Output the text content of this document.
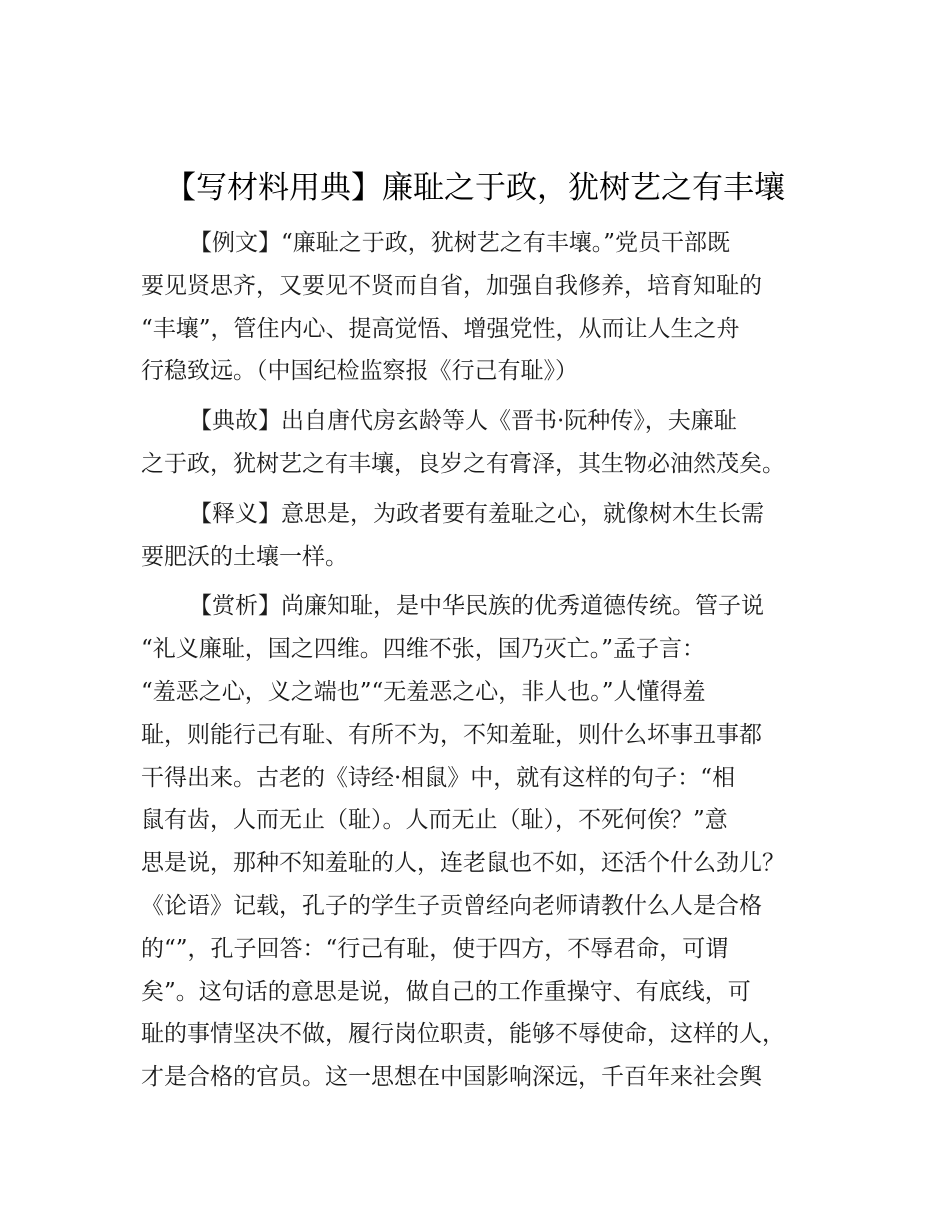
【写材料用典】廉耻之于政，犹树艺之有丰壤
【例文】“廉耻之于政，犹树艺之有丰壤。”党员干部既
要见贤思齐，又要见不贤而自省，加强自我修养，培育知耻的
“丰壤”，管住内心、提高觉悟、增强党性，从而让人生之舟
行稳致远。（中国纪检监察报《行己有耻》）
【典故】出自唐代房玄龄等人《晋书·阮种传》，夫廉耻
之于政，犹树艺之有丰壤，良岁之有膏泽，其生物必油然茂矣。
【释义】意思是，为政者要有羞耻之心，就像树木生长需
要肥沃的土壤一样。
【赏析】尚廉知耻，是中华民族的优秀道德传统。管子说
“礼义廉耻，国之四维。四维不张，国乃灭亡。”孟子言：
“羞恶之心，义之端也”“无羞恶之心，非人也。”人懂得羞
耻，则能行己有耻、有所不为，不知羞耻，则什么坏事丑事都
干得出来。古老的《诗经·相鼠》中，就有这样的句子：“相
鼠有齿，人而无止（耻）。人而无止（耻），不死何俟？”意
思是说，那种不知羞耻的人，连老鼠也不如，还活个什么劲儿？
《论语》记载，孔子的学生子贡曾经向老师请教什么人是合格
的“”，孔子回答：“行己有耻，使于四方，不辱君命，可谓
矣”。这句话的意思是说，做自己的工作重操守、有底线，可
耻的事情坚决不做，履行岗位职责，能够不辱使命，这样的人，
才是合格的官员。这一思想在中国影响深远，千百年来社会舆
